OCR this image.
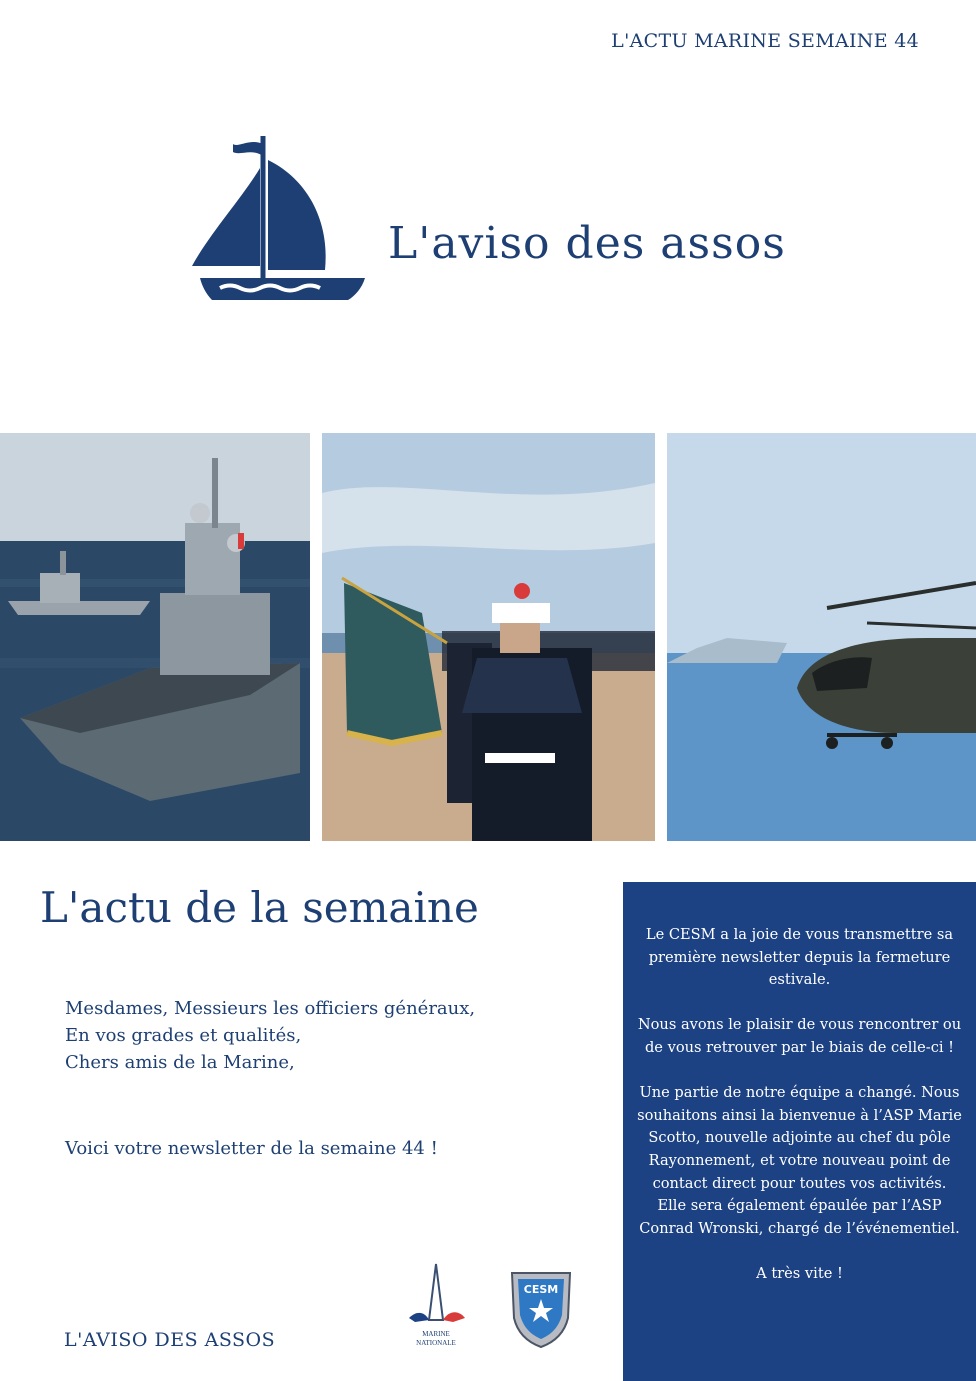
L'ACTU MARINE SEMAINE 44
L'aviso des assos
L'actu de la semaine
Mesdames, Messieurs les officiers généraux,
En vos grades et qualités,
Chers amis de la Marine,
Voici votre newsletter de la semaine 44 !
L'AVISO DES ASSOS	MARINE
NATIONALE
CESM

Le CESM a la joie de vous transmettre sa première newsletter depuis la fermeture estivale.

Nous avons le plaisir de vous rencontrer ou de vous retrouver par le biais de celle-ci !

Une partie de notre équipe a changé. Nous souhaitons ainsi la bienvenue à l’ASP Marie Scotto, nouvelle adjointe au chef du pôle Rayonnement, et votre nouveau point de contact direct pour toutes vos activités.

Elle sera également épaulée par l’ASP Conrad Wronski, chargé de l’événementiel.

A très vite !
